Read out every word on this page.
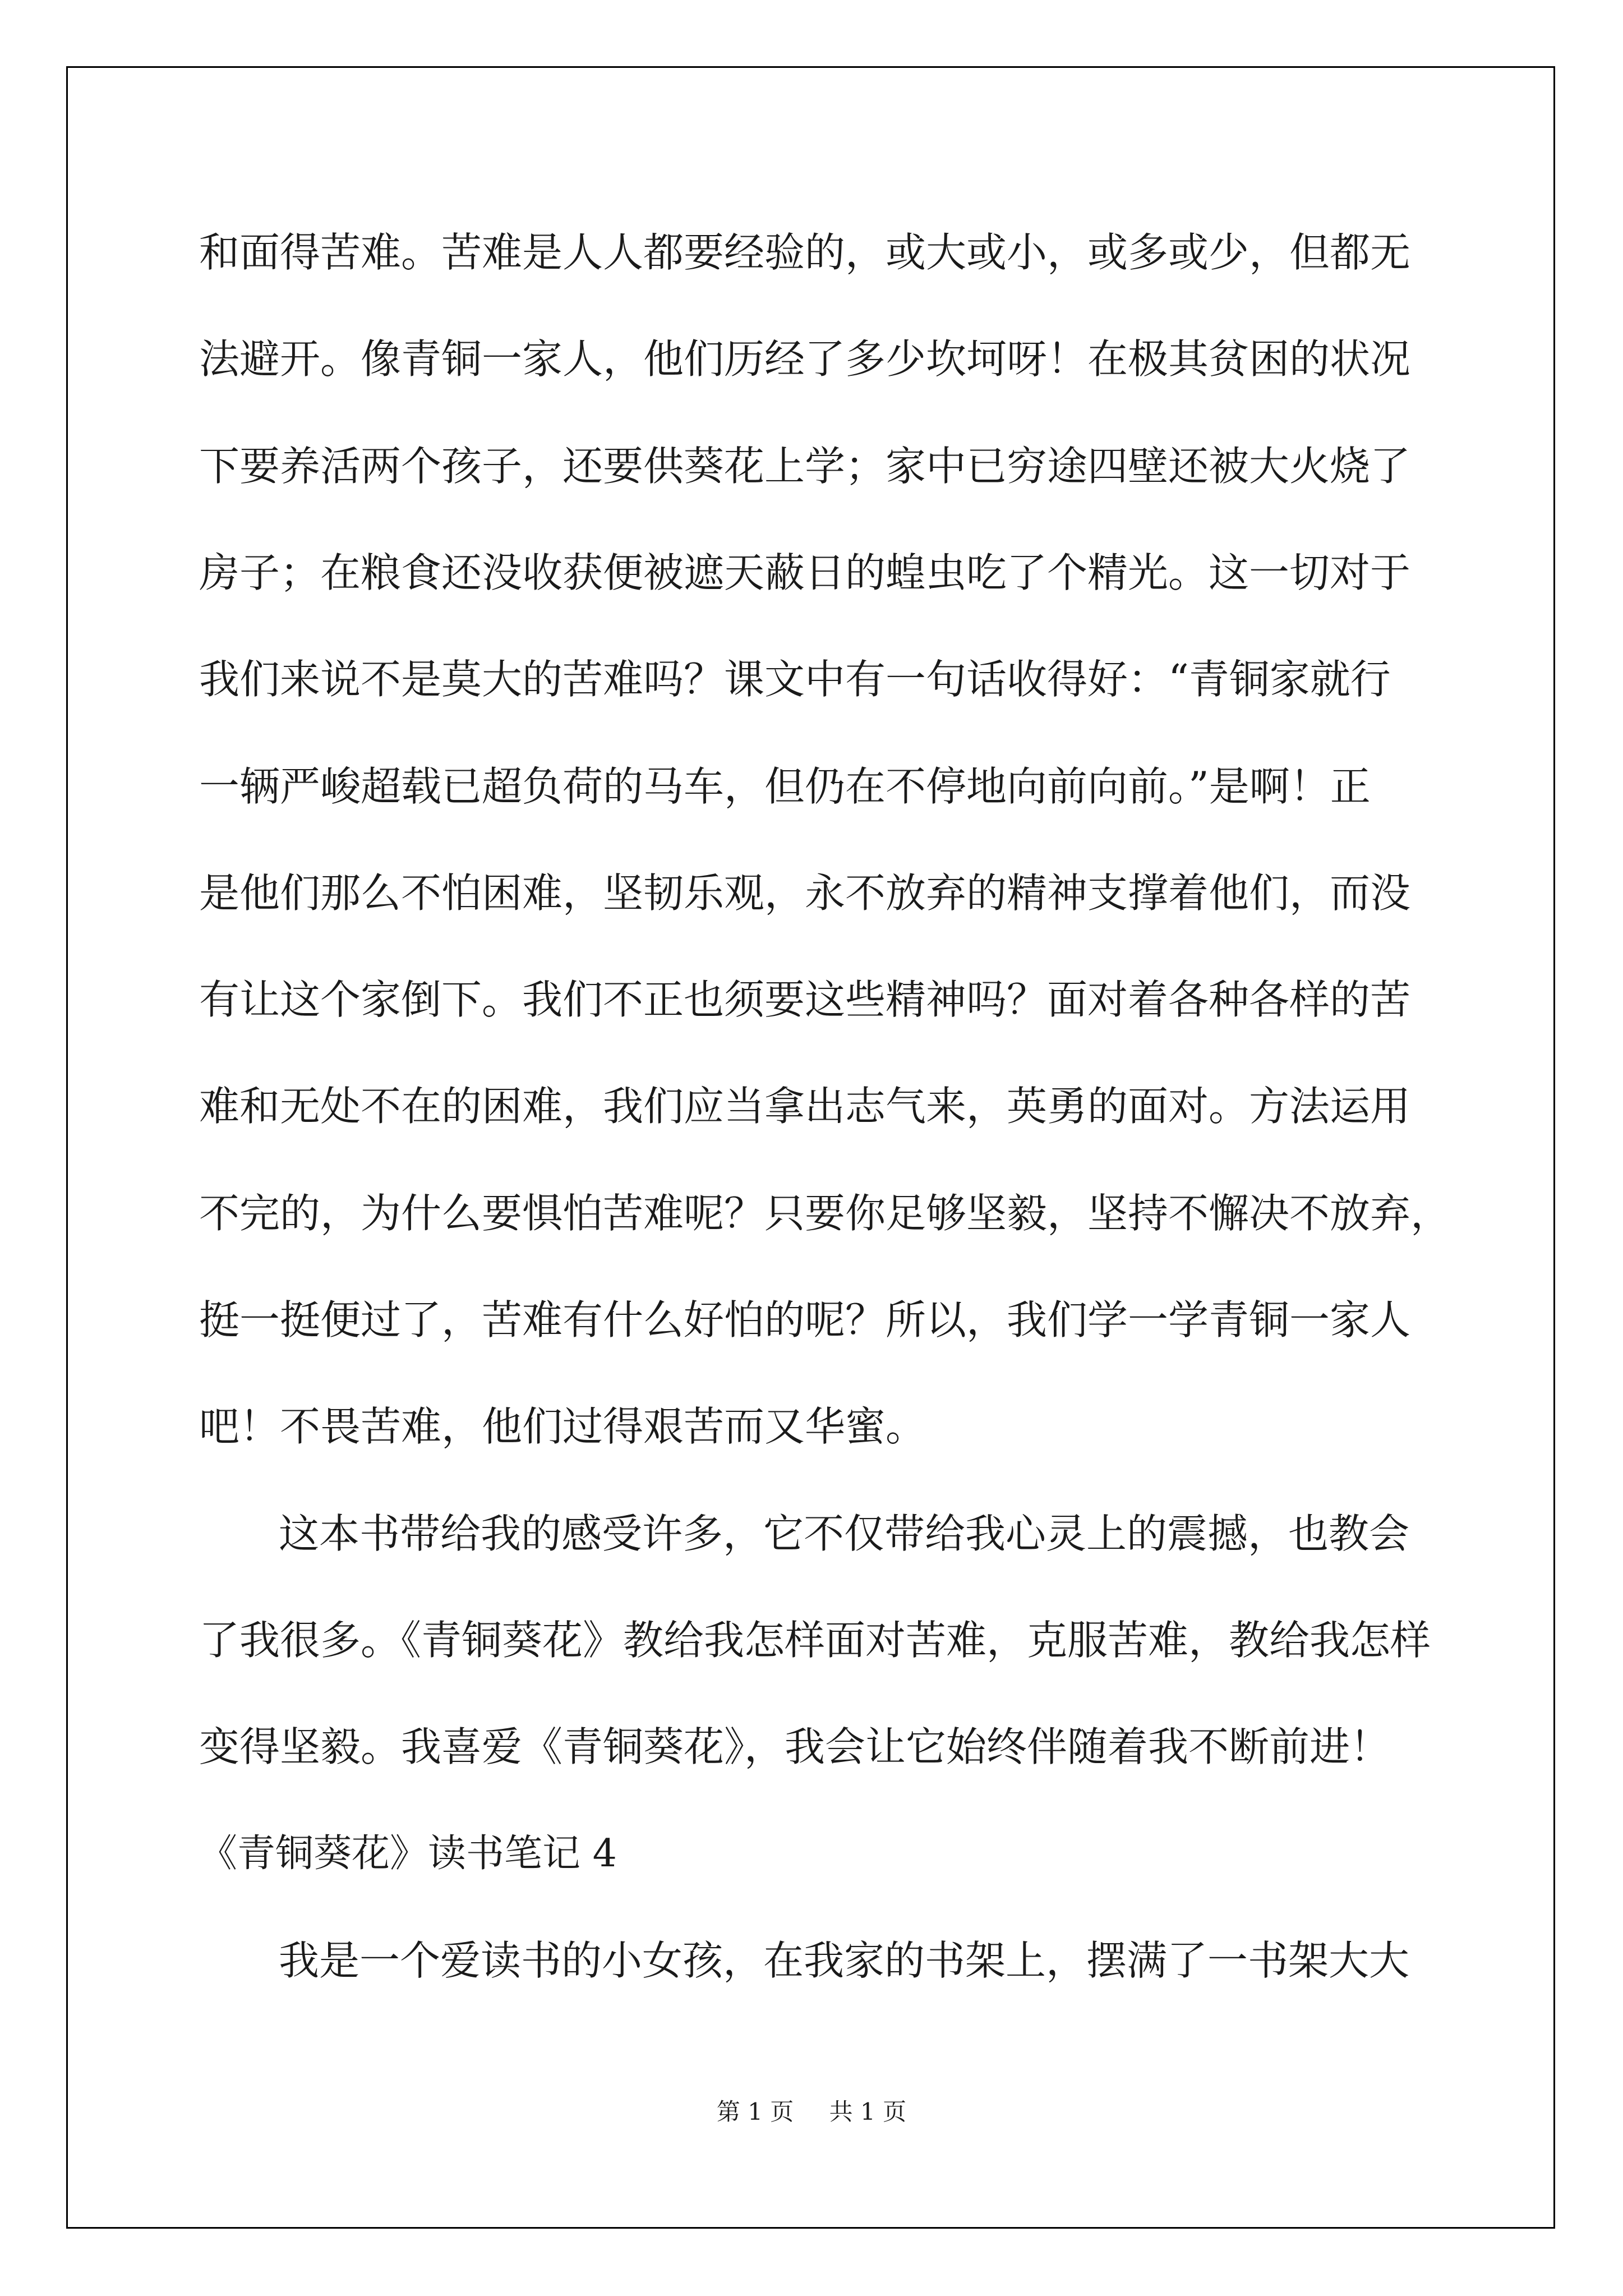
和面得苦难。苦难是人人都要经验的，或大或小，或多或少，但都无
法避开。像青铜一家人，他们历经了多少坎坷呀！在极其贫困的状况
下要养活两个孩子，还要供葵花上学；家中已穷途四壁还被大火烧了
房子；在粮食还没收获便被遮天蔽日的蝗虫吃了个精光。这一切对于
我们来说不是莫大的苦难吗？课文中有一句话收得好：“青铜家就行
一辆严峻超载已超负荷的马车，但仍在不停地向前向前。”是啊！正
是他们那么不怕困难，坚韧乐观，永不放弃的精神支撑着他们，而没
有让这个家倒下。我们不正也须要这些精神吗？面对着各种各样的苦
难和无处不在的困难，我们应当拿出志气来，英勇的面对。方法运用
不完的，为什么要惧怕苦难呢？只要你足够坚毅，坚持不懈决不放弃，
挺一挺便过了，苦难有什么好怕的呢？所以，我们学一学青铜一家人
吧！不畏苦难，他们过得艰苦而又华蜜。
这本书带给我的感受许多，它不仅带给我心灵上的震撼，也教会
了我很多。《青铜葵花》教给我怎样面对苦难，克服苦难，教给我怎样
变得坚毅。我喜爱《青铜葵花》，我会让它始终伴随着我不断前进！
《青铜葵花》读书笔记 4
我是一个爱读书的小女孩，在我家的书架上，摆满了一书架大大
第 1 页 共 1 页
